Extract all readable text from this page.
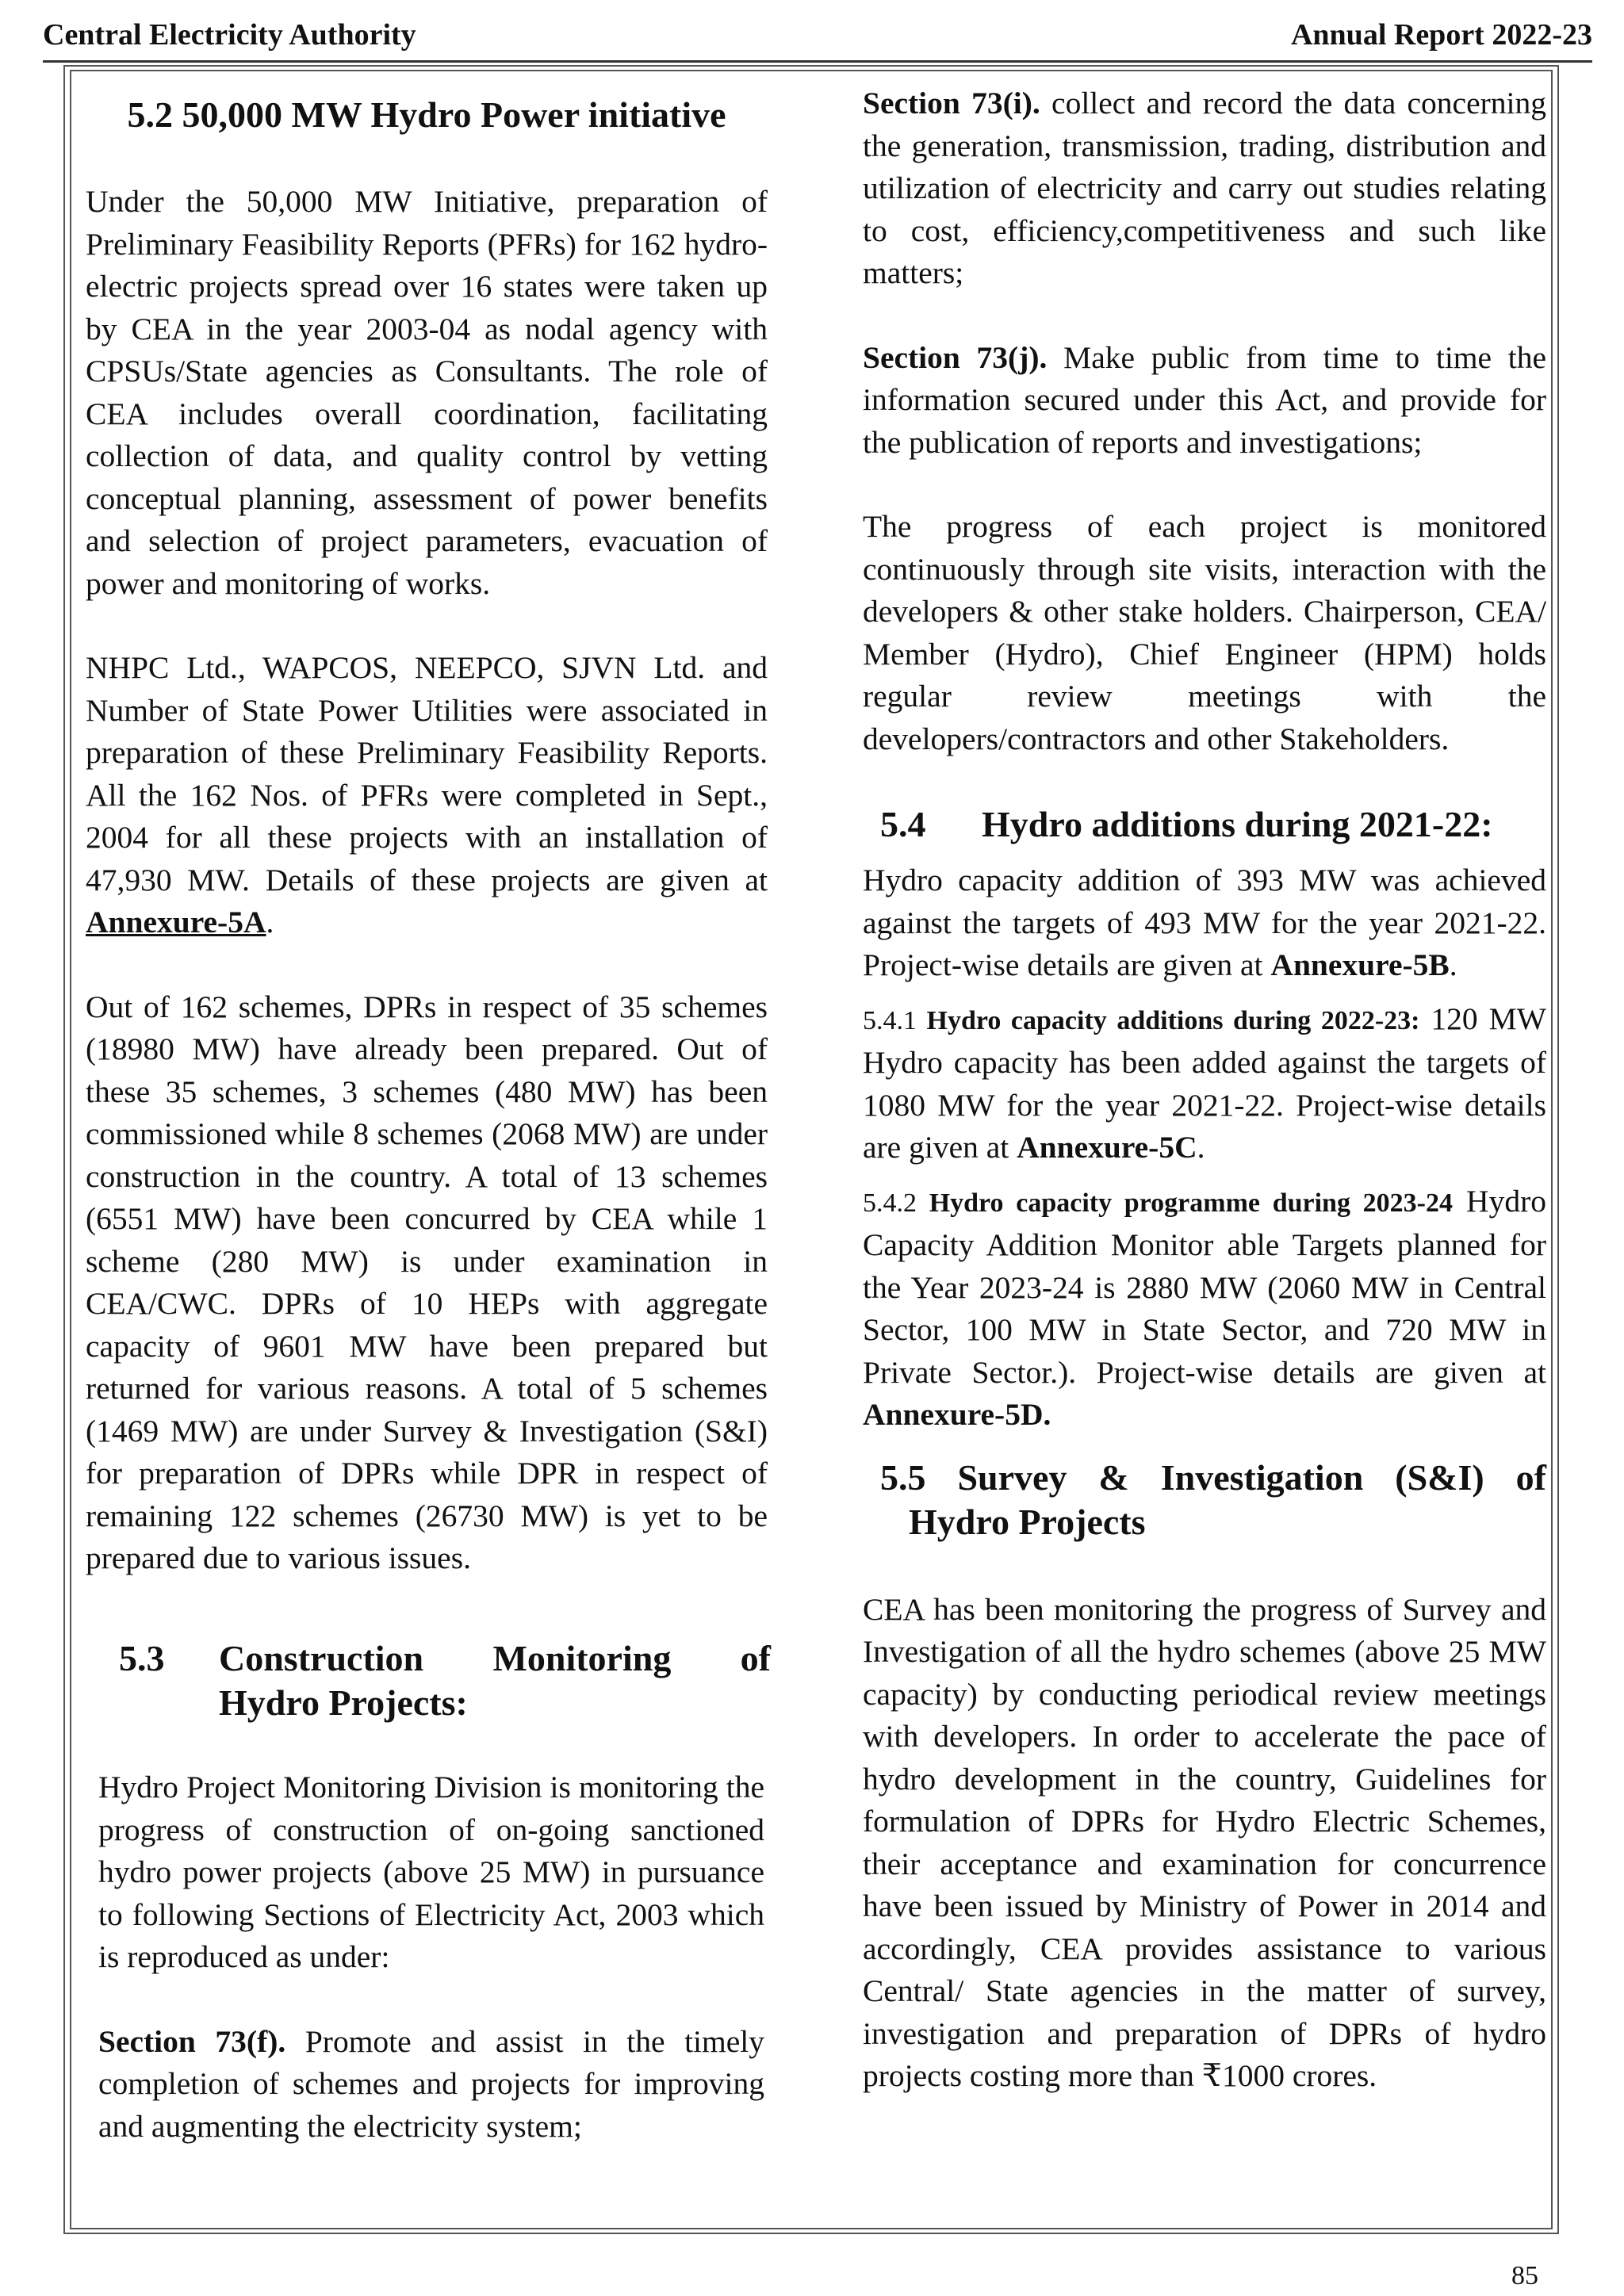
Central Electricity Authority	Annual Report 2022-23
5.2 50,000 MW Hydro Power initiative

Under the 50,000 MW Initiative, preparation of Preliminary Feasibility Reports (PFRs) for 162 hydro-electric projects spread over 16 states were taken up by CEA in the year 2003-04 as nodal agency with CPSUs/State agencies as Consultants. The role of CEA includes overall coordination, facilitating collection of data, and quality control by vetting conceptual planning, assessment of power benefits and selection of project parameters, evacuation of power and monitoring of works.

NHPC Ltd., WAPCOS, NEEPCO, SJVN Ltd. and Number of State Power Utilities were associated in preparation of these Preliminary Feasibility Reports. All the 162 Nos. of PFRs were completed in Sept., 2004 for all these projects with an installation of 47,930 MW. Details of these projects are given at Annexure-5A.

Out of 162 schemes, DPRs in respect of 35 schemes (18980 MW) have already been prepared. Out of these 35 schemes, 3 schemes (480 MW) has been commissioned while 8 schemes (2068 MW) are under construction in the country. A total of 13 schemes (6551 MW) have been concurred by CEA while 1 scheme (280 MW) is under examination in CEA/CWC. DPRs of 10 HEPs with aggregate capacity of 9601 MW have been prepared but returned for various reasons. A total of 5 schemes (1469 MW) are under Survey & Investigation (S&I) for preparation of DPRs while DPR in respect of remaining 122 schemes (26730 MW) is yet to be prepared due to various issues.

5.3 Construction Monitoring of
Hydro Projects:

Hydro Project Monitoring Division is monitoring the progress of construction of on-going sanctioned hydro power projects (above 25 MW) in pursuance to following Sections of Electricity Act, 2003 which is reproduced as under:

Section 73(f). Promote and assist in the timely completion of schemes and projects for improving and augmenting the electricity system;

Section 73(i). collect and record the data concerning the generation, transmission, trading, distribution and utilization of electricity and carry out studies relating to cost, efficiency,competitiveness and such like matters;

Section 73(j). Make public from time to time the information secured under this Act, and provide for the publication of reports and investigations;

The progress of each project is monitored continuously through site visits, interaction with the developers & other stake holders. Chairperson, CEA/ Member (Hydro), Chief Engineer (HPM) holds regular review meetings with the developers/contractors and other Stakeholders.

5.4 Hydro additions during 2021-22:

Hydro capacity addition of 393 MW was achieved against the targets of 493 MW for the year 2021-22. Project-wise details are given at Annexure-5B.

5.4.1 Hydro capacity additions during 2022-23: 120 MW Hydro capacity has been added against the targets of 1080 MW for the year 2021-22. Project-wise details are given at Annexure-5C.

5.4.2 Hydro capacity programme during 2023-24 Hydro Capacity Addition Monitor able Targets planned for the Year 2023-24 is 2880 MW (2060 MW in Central Sector, 100 MW in State Sector, and 720 MW in Private Sector.). Project-wise details are given at Annexure-5D.

5.5 Survey & Investigation (S&I) of
Hydro Projects

CEA has been monitoring the progress of Survey and Investigation of all the hydro schemes (above 25 MW capacity) by conducting periodical review meetings with developers. In order to accelerate the pace of hydro development in the country, Guidelines for formulation of DPRs for Hydro Electric Schemes, their acceptance and examination for concurrence have been issued by Ministry of Power in 2014 and accordingly, CEA provides assistance to various Central/ State agencies in the matter of survey, investigation and preparation of DPRs of hydro projects costing more than ₹1000 crores.

85
